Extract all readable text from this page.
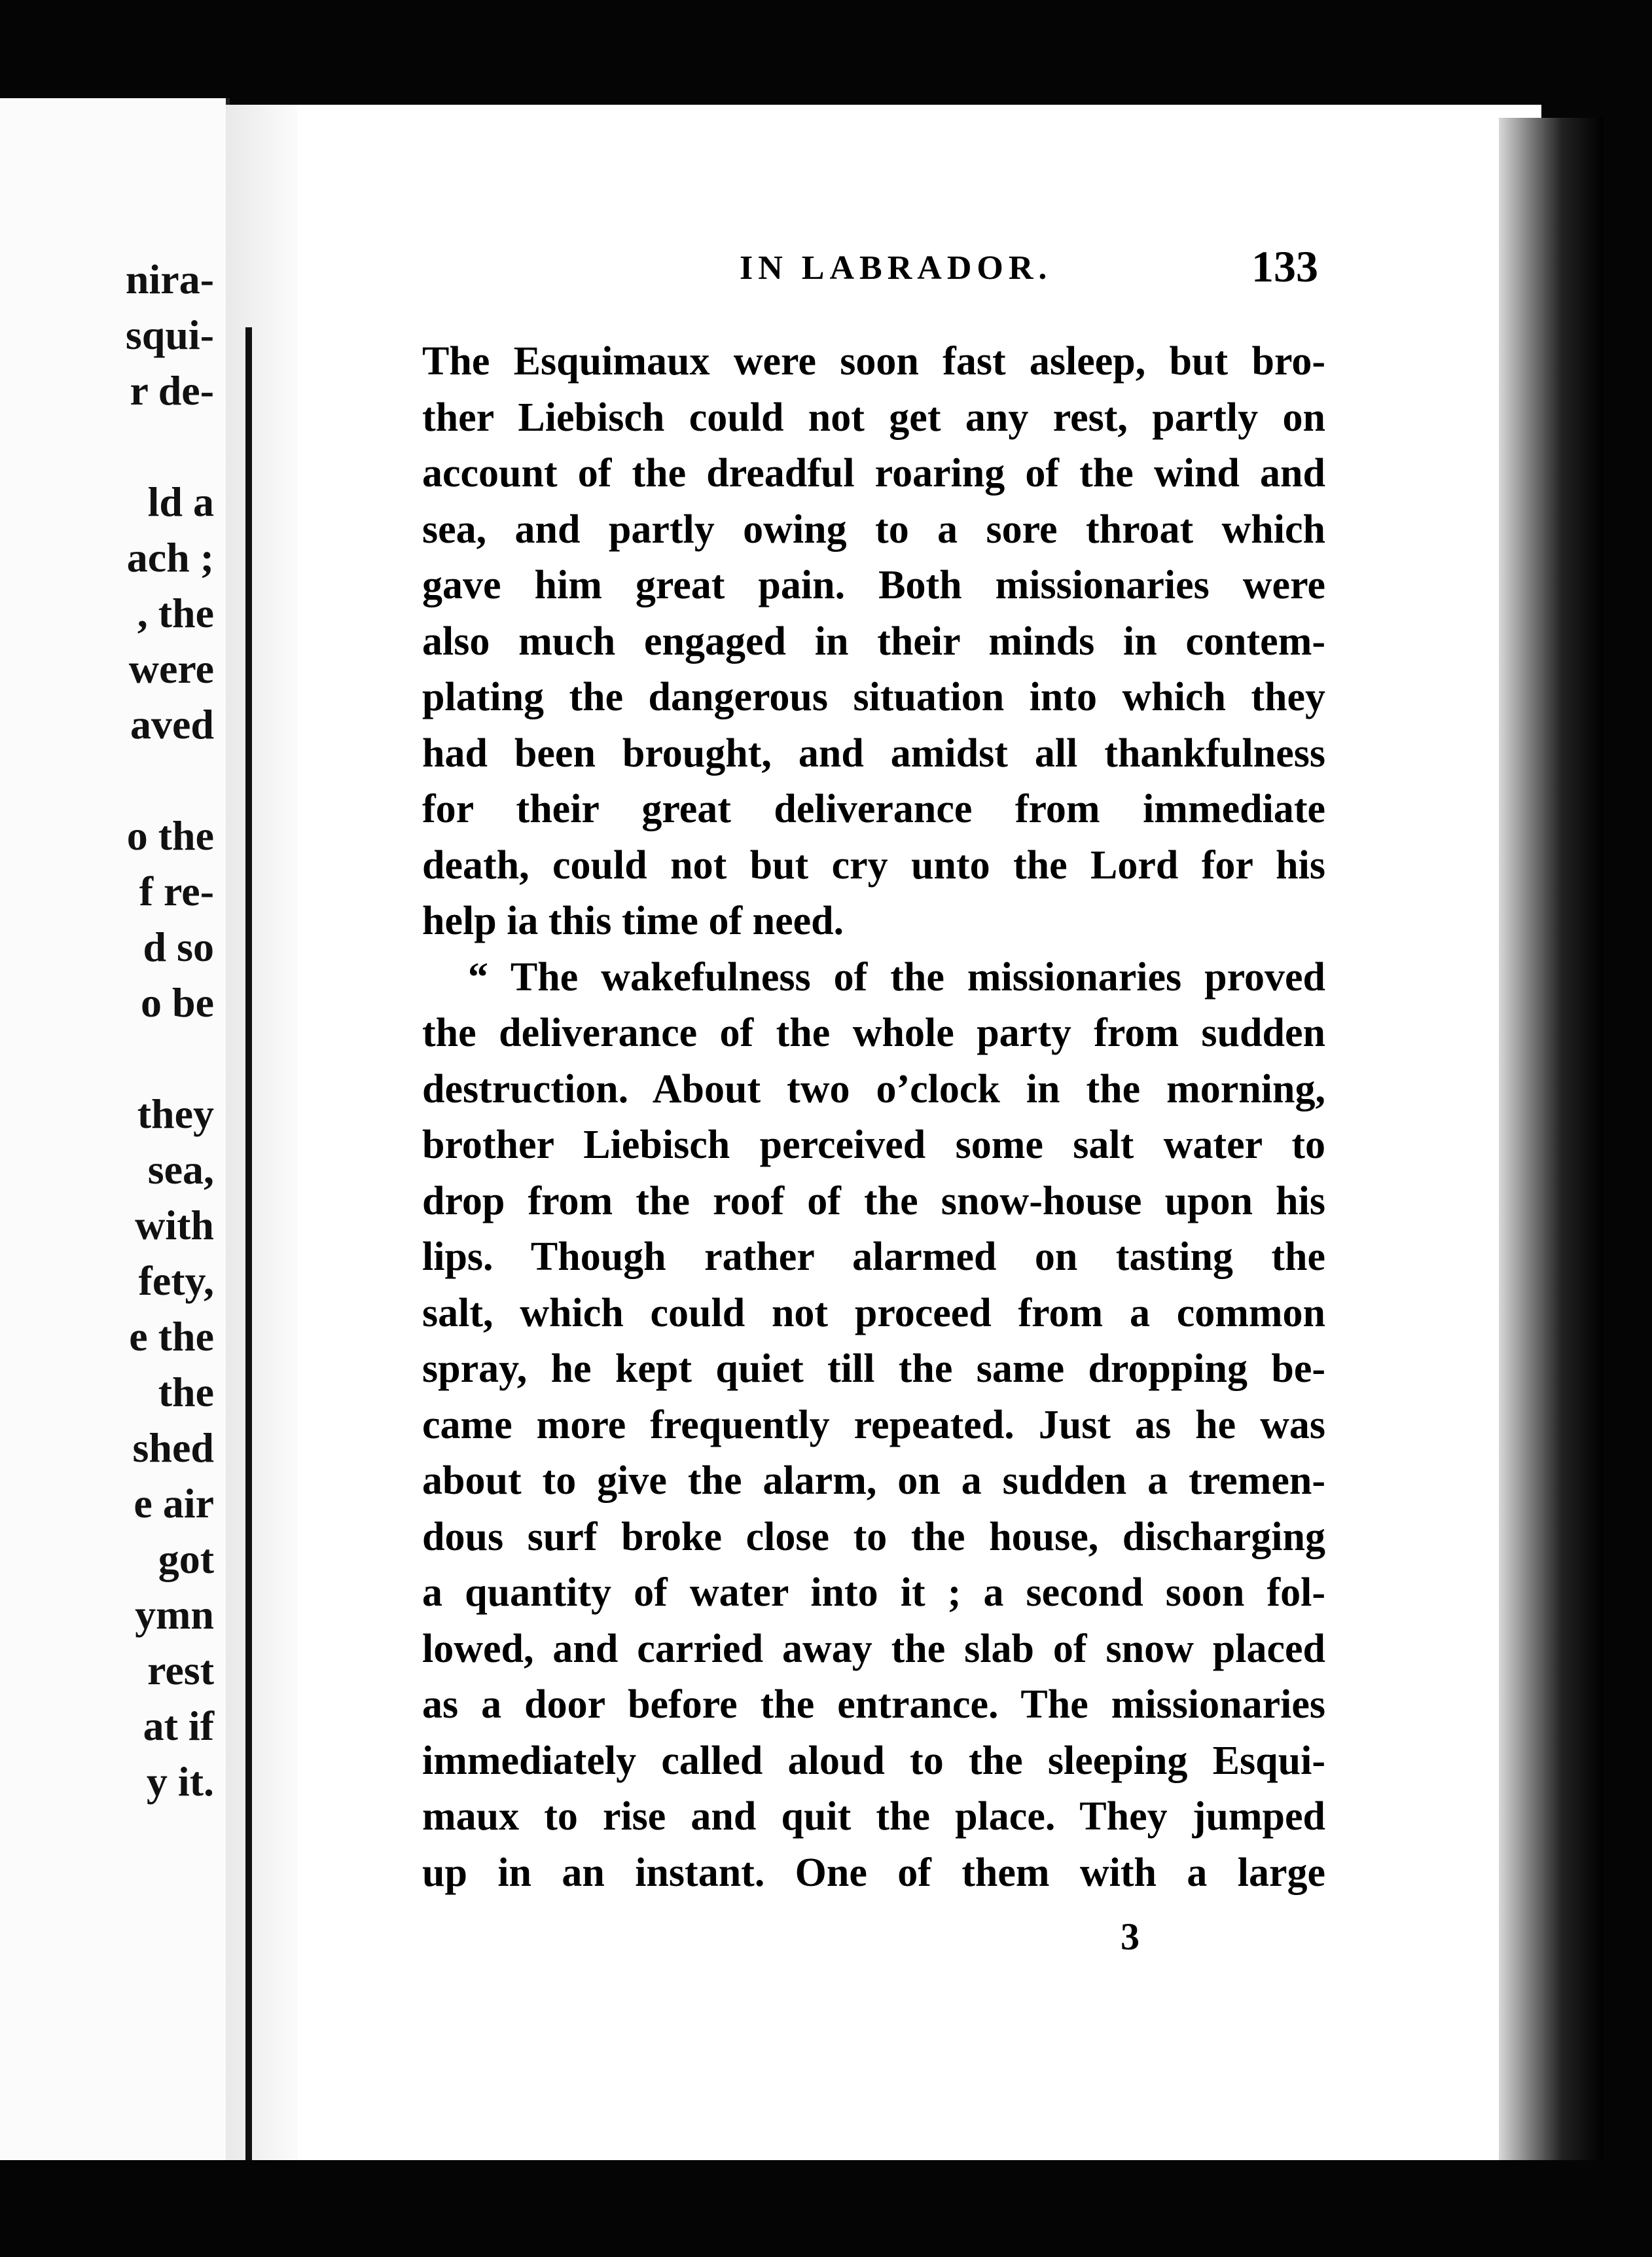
nira-
squi-
r de-
ld a
ach ;
, the
were
aved
o the
f re-
d so
o be
they
sea,
with
fety,
e the
the
shed
e air
got
ymn
rest
at if
y it.
IN LABRADOR.	133
The Esquimaux were soon fast asleep, but bro-
ther Liebisch could not get any rest, partly on
account of the dreadful roaring of the wind and
sea, and partly owing to a sore throat which
gave him great pain. Both missionaries were
also much engaged in their minds in contem-
plating the dangerous situation into which they
had been brought, and amidst all thankfulness
for their great deliverance from immediate
death, could not but cry unto the Lord for his
help ia this time of need.
“ The wakefulness of the missionaries proved
the deliverance of the whole party from sudden
destruction. About two o’clock in the morning,
brother Liebisch perceived some salt water to
drop from the roof of the snow-house upon his
lips. Though rather alarmed on tasting the
salt, which could not proceed from a common
spray, he kept quiet till the same dropping be-
came more frequently repeated. Just as he was
about to give the alarm, on a sudden a tremen-
dous surf broke close to the house, discharging
a quantity of water into it ; a second soon fol-
lowed, and carried away the slab of snow placed
as a door before the entrance. The missionaries
immediately called aloud to the sleeping Esqui-
maux to rise and quit the place. They jumped
up in an instant. One of them with a large
3
